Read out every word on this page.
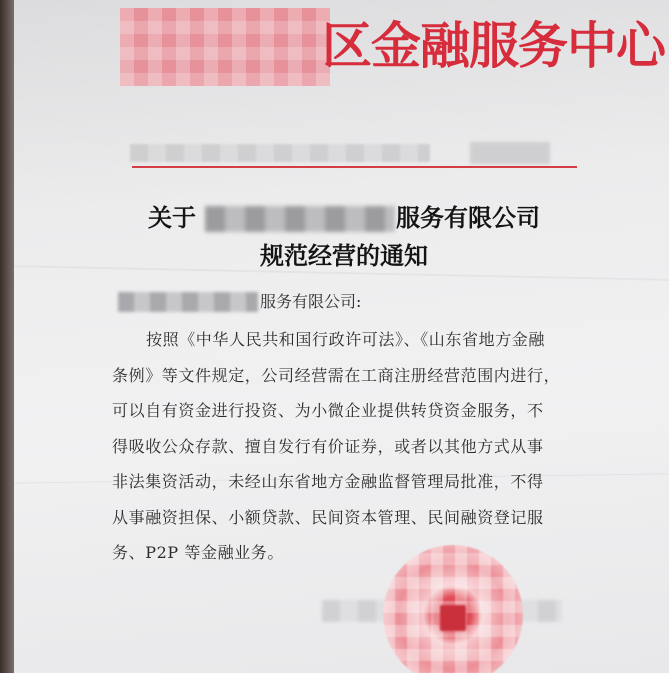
区金融服务中心
关于	服务有限公司
规范经营的通知
服务有限公司:
按照《中华人民共和国行政许可法》、《山东省地方金融
条例》等文件规定，公司经营需在工商注册经营范围内进行，
可以自有资金进行投资、为小微企业提供转贷资金服务，不
得吸收公众存款、擅自发行有价证券，或者以其他方式从事
非法集资活动，未经山东省地方金融监督管理局批准，不得
从事融资担保、小额贷款、民间资本管理、民间融资登记服
务、P2P 等金融业务。
